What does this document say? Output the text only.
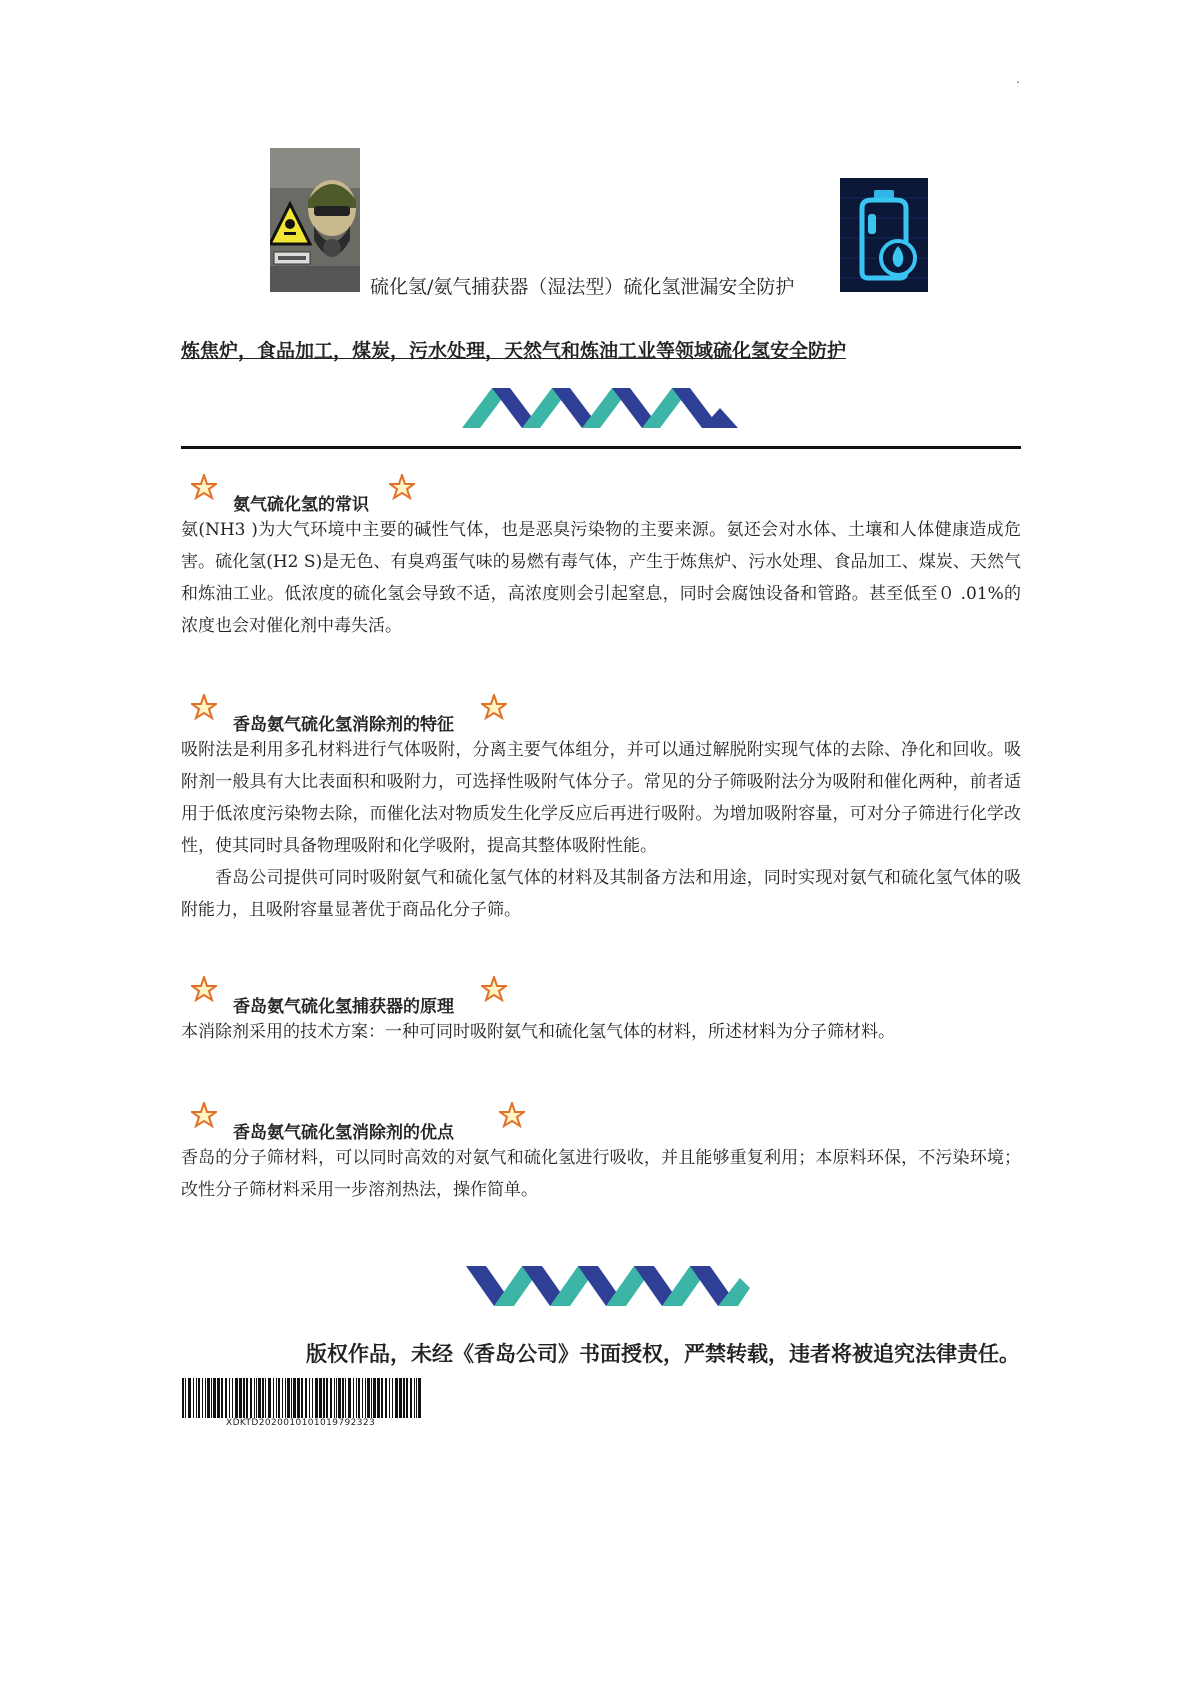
.
硫化氢/氨气捕获器（湿法型）硫化氢泄漏安全防护
炼焦炉，食品加工，煤炭，污水处理，天然气和炼油工业等领域硫化氢安全防护
氨气硫化氢的常识

氨(NH3 )为大气环境中主要的碱性气体，也是恶臭污染物的主要来源。氨还会对水体、土壤和人体健康造成危害。硫化氢(H2 S)是无色、有臭鸡蛋气味的易燃有毒气体，产生于炼焦炉、污水处理、食品加工、煤炭、天然气和炼油工业。低浓度的硫化氢会导致不适，高浓度则会引起窒息，同时会腐蚀设备和管路。甚至低至０ .01%的浓度也会对催化剂中毒失活。

香岛氨气硫化氢消除剂的特征

吸附法是利用多孔材料进行气体吸附，分离主要气体组分，并可以通过解脱附实现气体的去除、净化和回收。吸附剂一般具有大比表面积和吸附力，可选择性吸附气体分子。常见的分子筛吸附法分为吸附和催化两种，前者适用于低浓度污染物去除，而催化法对物质发生化学反应后再进行吸附。为增加吸附容量，可对分子筛进行化学改性，使其同时具备物理吸附和化学吸附，提高其整体吸附性能。

香岛公司提供可同时吸附氨气和硫化氢气体的材料及其制备方法和用途，同时实现对氨气和硫化氢气体的吸附能力，且吸附容量显著优于商品化分子筛。

香岛氨气硫化氢捕获器的原理

本消除剂采用的技术方案：一种可同时吸附氨气和硫化氢气体的材料，所述材料为分子筛材料。

香岛氨气硫化氢消除剂的优点

香岛的分子筛材料，可以同时高效的对氨气和硫化氢进行吸收，并且能够重复利用；本原料环保，不污染环境；改性分子筛材料采用一步溶剂热法，操作简单。

版权作品，未经《香岛公司》书面授权，严禁转载，违者将被追究法律责任。
XDKTD2020010101019792323
